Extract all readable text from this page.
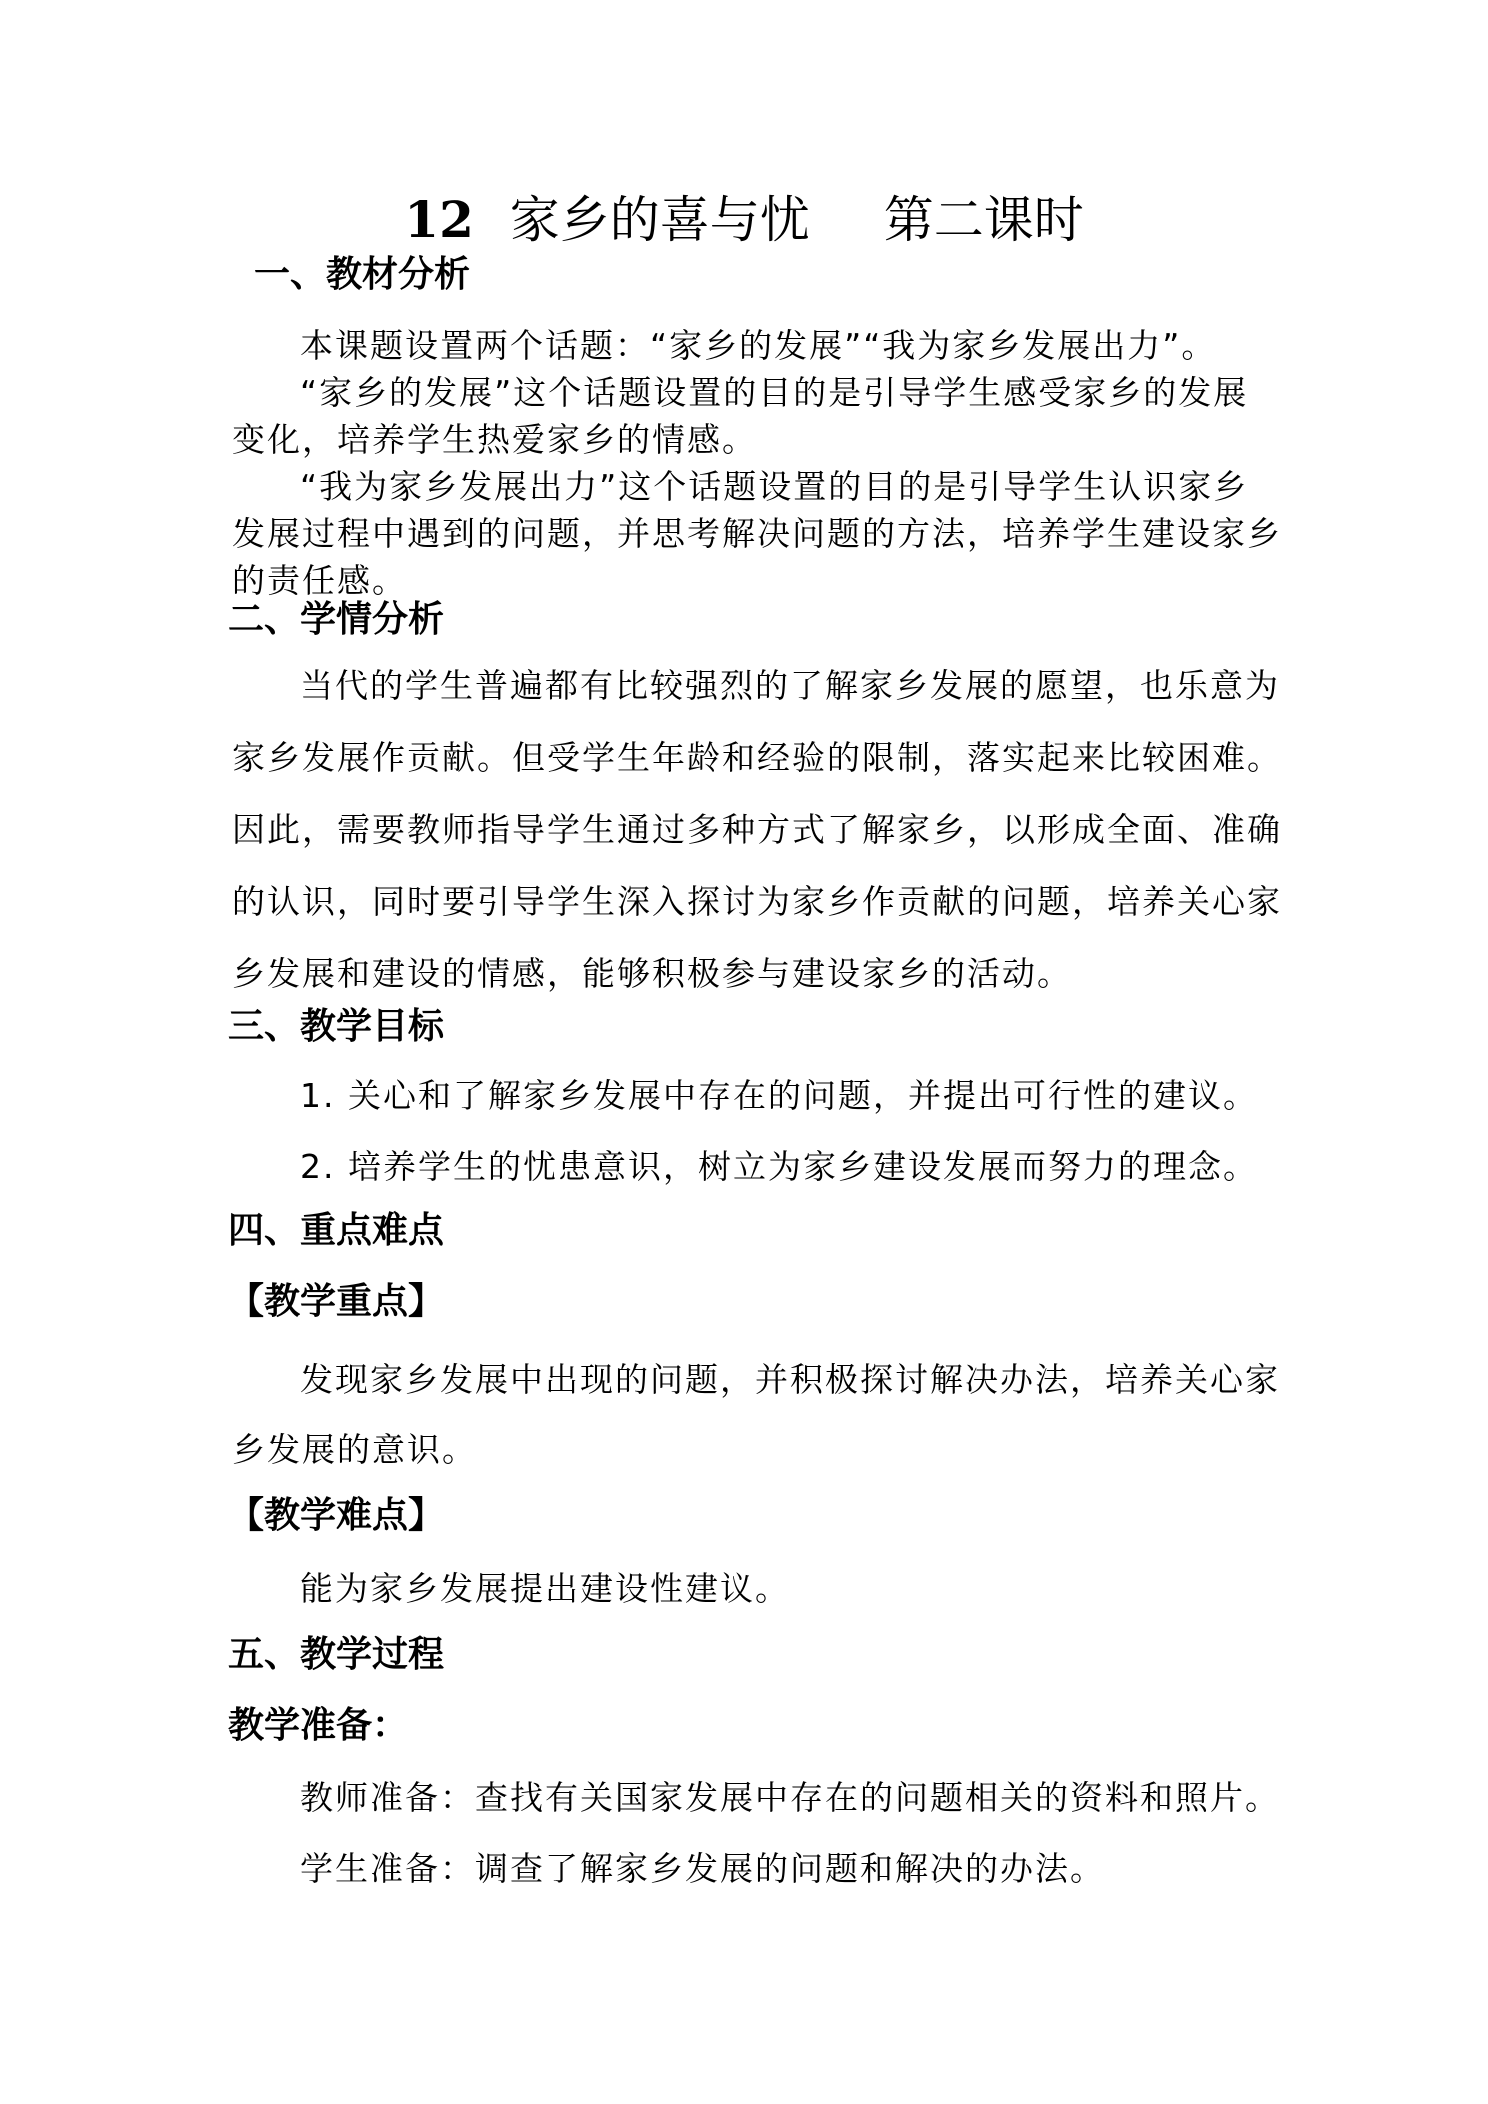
12 家乡的喜与忧 第二课时
一、教材分析
本课题设置两个话题：“家乡的发展”“我为家乡发展出力”。
“家乡的发展”这个话题设置的目的是引导学生感受家乡的发展
变化，培养学生热爱家乡的情感。
“我为家乡发展出力”这个话题设置的目的是引导学生认识家乡
发展过程中遇到的问题，并思考解决问题的方法，培养学生建设家乡
的责任感。
二、学情分析
当代的学生普遍都有比较强烈的了解家乡发展的愿望，也乐意为
家乡发展作贡献。但受学生年龄和经验的限制，落实起来比较困难。
因此，需要教师指导学生通过多种方式了解家乡，以形成全面、准确
的认识，同时要引导学生深入探讨为家乡作贡献的问题，培养关心家
乡发展和建设的情感，能够积极参与建设家乡的活动。
三、教学目标
1. 关心和了解家乡发展中存在的问题，并提出可行性的建议。
2. 培养学生的忧患意识，树立为家乡建设发展而努力的理念。
四、重点难点
【教学重点】
发现家乡发展中出现的问题，并积极探讨解决办法，培养关心家
乡发展的意识。
【教学难点】
能为家乡发展提出建设性建议。
五、教学过程
教学准备：
教师准备：查找有关国家发展中存在的问题相关的资料和照片。
学生准备：调查了解家乡发展的问题和解决的办法。
